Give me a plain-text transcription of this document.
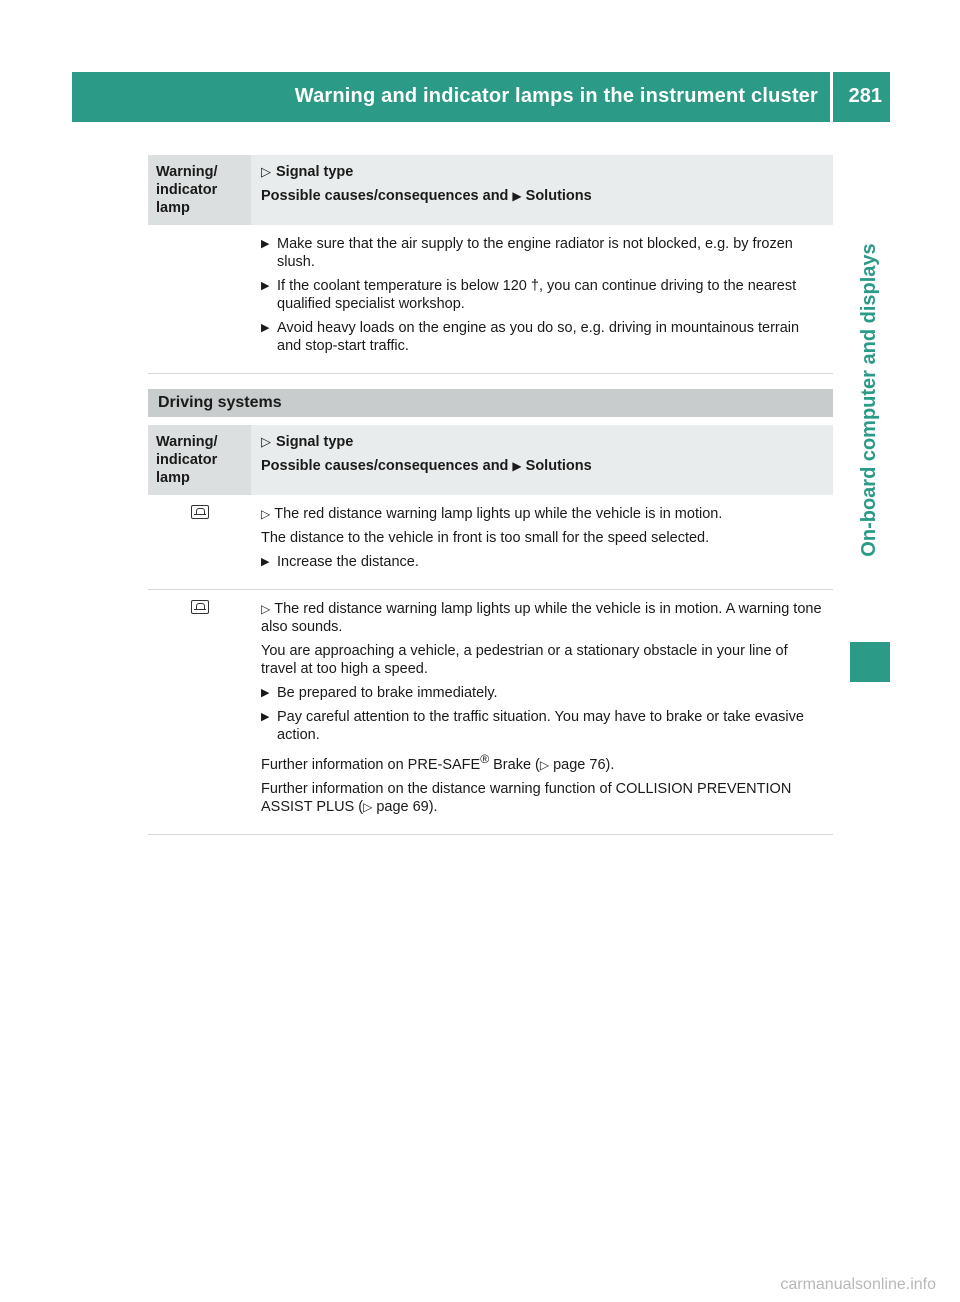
Warning and indicator lamps in the instrument cluster 281
On-board computer and displays
Warning/ indicator lamp
▷ Signal type
Possible causes/consequences and ▶ Solutions
▶ Make sure that the air supply to the engine radiator is not blocked, e.g. by frozen slush.
▶ If the coolant temperature is below 120 †, you can continue driving to the nearest qualified specialist workshop.
▶ Avoid heavy loads on the engine as you do so, e.g. driving in mountainous terrain and stop-start traffic.
Driving systems
Warning/ indicator lamp
▷ Signal type
Possible causes/consequences and ▶ Solutions

▷ The red distance warning lamp lights up while the vehicle is in motion.

The distance to the vehicle in front is too small for the speed selected.

▶ Increase the distance.

▷ The red distance warning lamp lights up while the vehicle is in motion. A warning tone also sounds.

You are approaching a vehicle, a pedestrian or a stationary obstacle in your line of travel at too high a speed.

▶ Be prepared to brake immediately.
▶ Pay careful attention to the traffic situation. You may have to brake or take evasive action.

Further information on PRE-SAFE® Brake (▷ page 76).

Further information on the distance warning function of COLLISION PREVENTION ASSIST PLUS (▷ page 69).

carmanualsonline.info
